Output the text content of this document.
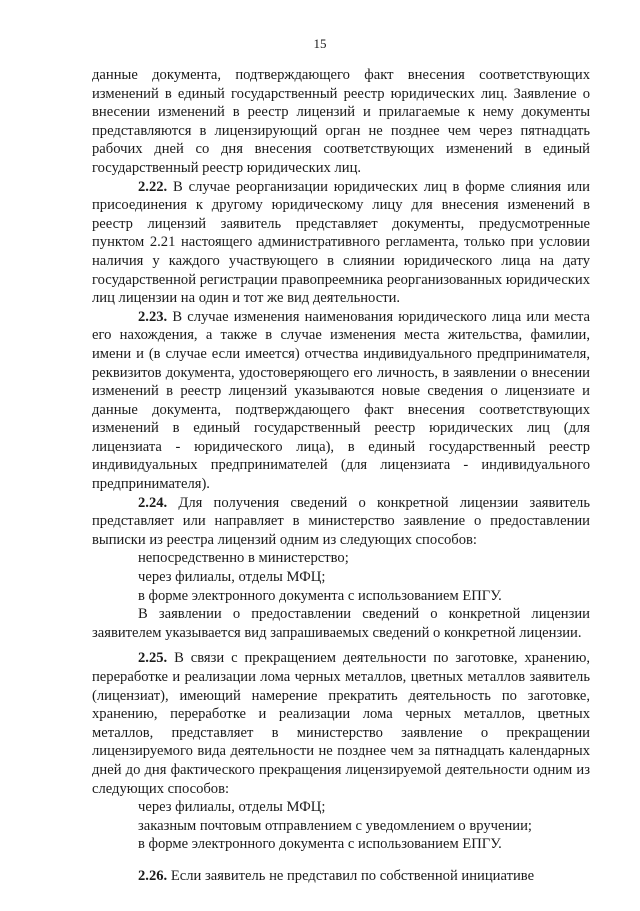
15

данные документа, подтверждающего факт внесения соответствующих изменений в единый государственный реестр юридических лиц. Заявление о внесении изменений в реестр лицензий и прилагаемые к нему документы представляются в лицензирующий орган не позднее чем через пятнадцать рабочих дней со дня внесения соответствующих изменений в единый государственный реестр юридических лиц.

2.22. В случае реорганизации юридических лиц в форме слияния или присоединения к другому юридическому лицу для внесения изменений в реестр лицензий заявитель представляет документы, предусмотренные пунктом 2.21 настоящего административного регламента, только при условии наличия у каждого участвующего в слиянии юридического лица на дату государственной регистрации правопреемника реорганизованных юридических лиц лицензии на один и тот же вид деятельности.

2.23. В случае изменения наименования юридического лица или места его нахождения, а также в случае изменения места жительства, фамилии, имени и (в случае если имеется) отчества индивидуального предпринимателя, реквизитов документа, удостоверяющего его личность, в заявлении о внесении изменений в реестр лицензий указываются новые сведения о лицензиате и данные документа, подтверждающего факт внесения соответствующих изменений в единый государственный реестр юридических лиц (для лицензиата - юридического лица), в единый государственный реестр индивидуальных предпринимателей (для лицензиата - индивидуального предпринимателя).

2.24. Для получения сведений о конкретной лицензии заявитель представляет или направляет в министерство заявление о предоставлении выписки из реестра лицензий одним из следующих способов:

непосредственно в министерство;

через филиалы, отделы МФЦ;

в форме электронного документа с использованием ЕПГУ.

В заявлении о предоставлении сведений о конкретной лицензии заявителем указывается вид запрашиваемых сведений о конкретной лицензии.

2.25. В связи с прекращением деятельности по заготовке, хранению, переработке и реализации лома черных металлов, цветных металлов заявитель (лицензиат), имеющий намерение прекратить деятельность по заготовке, хранению, переработке и реализации лома черных металлов, цветных металлов, представляет в министерство заявление о прекращении лицензируемого вида деятельности не позднее чем за пятнадцать календарных дней до дня фактического прекращения лицензируемой деятельности одним из следующих способов:

через филиалы, отделы МФЦ;

заказным почтовым отправлением с уведомлением о вручении;

в форме электронного документа с использованием ЕПГУ.

2.26. Если заявитель не представил по собственной инициативе
